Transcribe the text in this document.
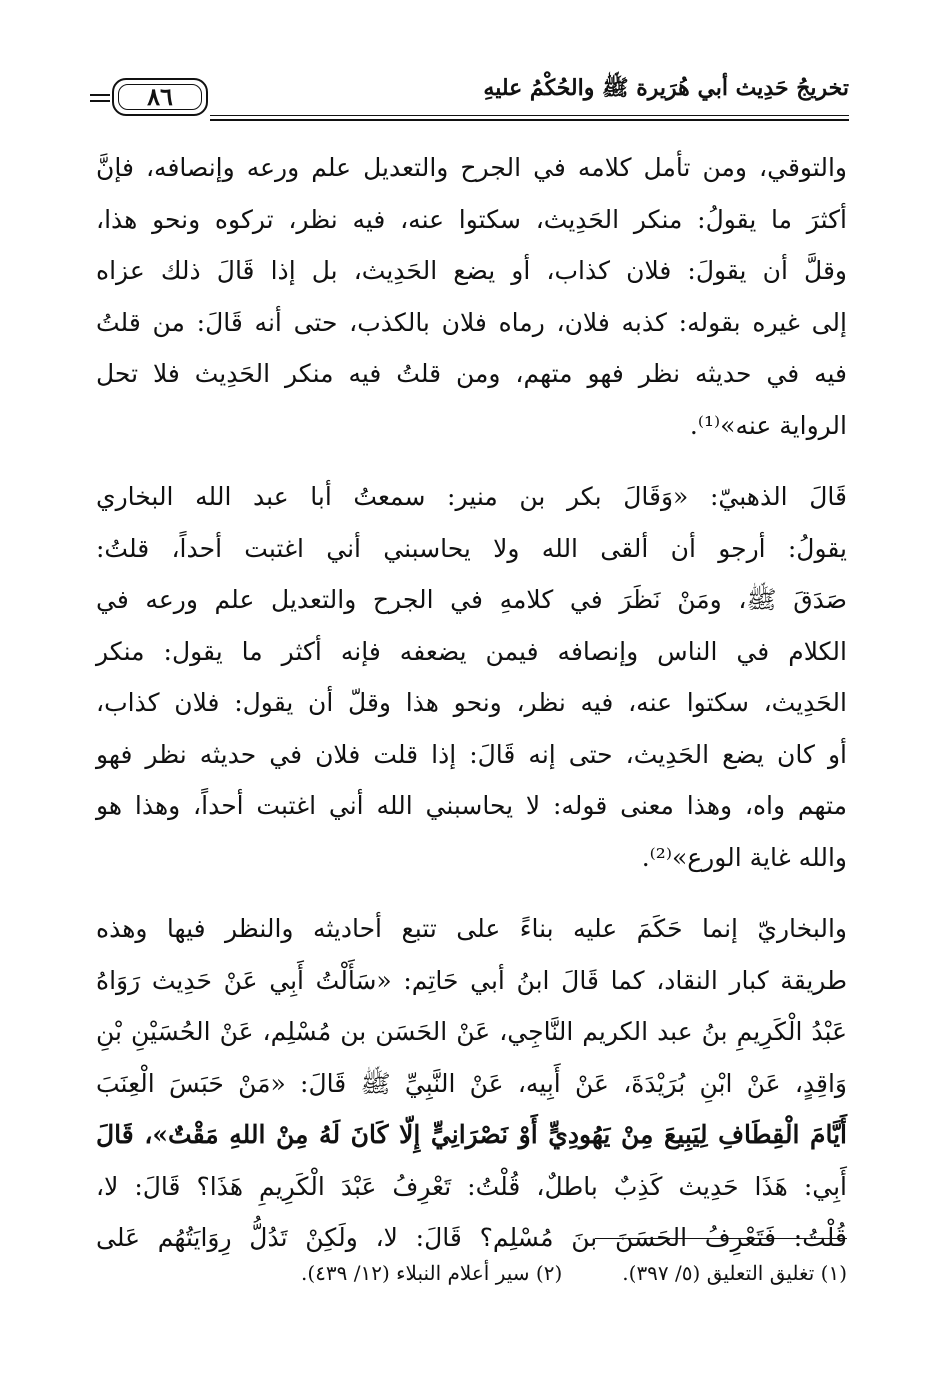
٨٦	تخريجُ حَدِيث أبي هُرَيرة ﷺ والحُكْمُ عليهِ
والتوقي، ومن تأمل كلامه في الجرح والتعديل علم ورعه وإنصافه، فإنَّ
أكثرَ ما يقولُ: منكر الحَدِيث، سكتوا عنه، فيه نظر، تركوه ونحو هذا،
وقلَّ أن يقولَ: فلان كذاب، أو يضع الحَدِيث، بل إذا قَالَ ذلك عزاه
إلى غيره بقوله: كذبه فلان، رماه فلان بالكذب، حتى أنه قَالَ: من قلتُ
فيه في حديثه نظر فهو متهم، ومن قلتُ فيه منكر الحَدِيث فلا تحل
الرواية عنه»⁽¹⁾.
قَالَ الذهبيّ: «وَقَالَ بكر بن منير: سمعتُ أبا عبد الله البخاري
يقولُ: أرجو أن ألقى الله ولا يحاسبني أني اغتبت أحداً، قلتُ:
صَدَقَ ﷺ، ومَنْ نَظَرَ في كلامهِ في الجرح والتعديل علم ورعه في
الكلام في الناس وإنصافه فيمن يضعفه فإنه أكثر ما يقول: منكر
الحَدِيث، سكتوا عنه، فيه نظر، ونحو هذا وقلّ أن يقول: فلان كذاب،
أو كان يضع الحَدِيث، حتى إنه قَالَ: إذا قلت فلان في حديثه نظر فهو
متهم واه، وهذا معنى قوله: لا يحاسبني الله أني اغتبت أحداً، وهذا هو
والله غاية الورع»⁽²⁾.
والبخاريّ إنما حَكَمَ عليه بناءً على تتبع أحاديثه والنظر فيها وهذه
طريقة كبار النقاد، كما قَالَ ابنُ أبي حَاتِم: «سَأَلْتُ أَبِي عَنْ حَدِيث رَوَاهُ
عَبْدُ الْكَرِيمِ بنُ عبد الكريم النَّاجِي، عَنْ الحَسَن بن مُسْلِم، عَنْ الحُسَيْنِ بْنِ
وَاقِدٍ، عَنْ ابْنِ بُرَيْدَةَ، عَنْ أَبِيه، عَنْ النَّبِيِّ ﷺ قَالَ: «مَنْ حَبَسَ الْعِنَبَ
أَيَّامَ الْقِطَافِ لِيَبِيعَ مِنْ يَهُودِيٍّ أَوْ نَصْرَانِيٍّ إِلّا كَانَ لَهُ مِنْ اللهِ مَقْتٌ»، قَالَ
أَبِي: هَذَا حَدِيث كَذِبٌ باطلٌ، قُلْتُ: تَعْرِفُ عَبْدَ الْكَرِيمِ هَذَا؟ قَالَ: لا،
قُلْتُ: فَتَعْرِفُ الحَسَنَ بنَ مُسْلِم؟ قَالَ: لا، ولَكِنْ تَدُلُّ رِوَايَتُهُم عَلى
(١) تغليق التعليق (٥/ ٣٩٧).
(٢) سير أعلام النبلاء (١٢/ ٤٣٩).
